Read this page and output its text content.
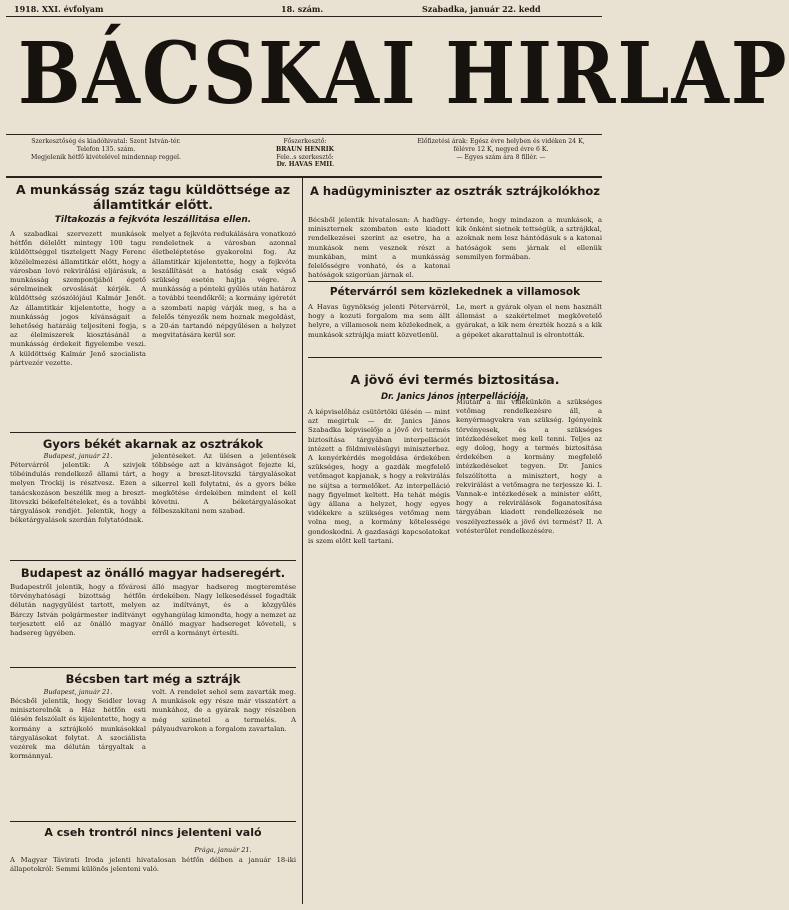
1918. XXI. évfolyam	18. szám.	Szabadka, január 22. kedd
BÁCSKAI HIRLAP
Szerkesztőség és kiadóhivatal: Szent István-tér.
Telefon 135. szám.
Megjelenik hétfő kivételével mindennap reggel.
Főszerkesztő:
BRAUN HENRIK
Fele..s szerkesztő:
Dr. HAVAS EMIL
Előfizetési árak: Egész évre helyben és vidéken 24 K,
félévre 12 K, negyed évre 6 K.
— Egyes szám ára 8 fillér. —
A munkásság száz tagu küldöttsége az államtitkár előtt.
Tiltakozás a fejkvóta leszállitása ellen.
A szabadkai szervezett munkások hétfőn délelőtt mintegy 100 tagu küldöttséggel tisztelgett Nagy Ferenc közélelmezési államtitkár előtt, hogy a városban lovó rekvirálási eljárásuk, a munkásság szempontjából égető sérelmeinek orvoslását kérjék. A küldöttség szószólójául Kalmár Jenőt. Az államtitkár kijelentette, hogy a munkásság jogos kívánságait a lehetőség határáig teljesíteni fogja, s az élelmiszerek kiosztásánál a munkásság érdekeit figyelembe veszi. A küldöttség Kalmár Jenő szocialista pártvezér vezette.
melyet a fejkvóta redukálására vonatkozó rendeletnek a városban azonnal életbeléptetése gyakorolni fog. Az államtitkár kijelentette, hogy a fejkvóta leszállítását a hatóság csak végső szükség esetén hajtja végre. A munkásság a pénteki gyűlés után határoz a további teendőkről; a kormány igéretét a szombati napig várják meg, s ha a felelős tényezők nem hoznak megoldást, a 20-án tartandó népgyűlésen a helyzet megvitatására kerül sor.
Gyors békét akarnak az osztrákok
Budapest, január 21.
Pétervárról jelentik: A szivjek töbéindulás rendelkező állami tárt, a melyen Trockij is résztvesz. Ezen a tanácskozáson beszélik meg a breszt-litovszki békefeltételeket, és a további tárgyalások rendjét. Jelentik, hogy a béketárgyalások szerdán folytatódnak.
jelentéseket. Az ülésen a jelentések többsége azt a kivánságot fejezte ki, hogy a breszt-litovszki tárgyalásokat sikerrel kell folytatni, és a gyors béke megkötése érdekében mindent el kell követni. A béketárgyalásokat félbeszakítani nem szabad.
Budapest az önálló magyar hadseregért.
Budapestről jelentik, hogy a fővárosi törvényhatósági bizottság hétfőn délután nagygyűlést tartott, melyen Bárczy István polgármester indítványt terjesztett elő az önálló magyar hadsereg ügyében.
álló magyar hadsereg megteremtése érdekében. Nagy lelkesedéssel fogadták az indítványt, és a közgyűlés egyhangúlag kimondta, hogy a nemzet az önálló magyar hadsereget követeli, s erről a kormányt értesíti.
Bécsben tart még a sztrájk
Budapest, január 21.
Bécsből jelentik, hogy Seidler lovag miniszterelnök a Ház hétfőn esti ülésén felszólalt és kijelentette, hogy a kormány a sztrájkoló munkásokkal tárgyalásokat folytat. A szociálista vezérek ma délután tárgyaltak a kormánnyal.
volt. A rendelet sehol sem zavarták meg. A munkások egy része már visszatért a munkához, de a gyárak nagy részében még szünetel a termelés. A pályaudvarokon a forgalom zavartalan.
A cseh trontról nincs jelenteni való
Prága, január 21.
A Magyar Távirati Iroda jelenti hivatalosan hétfőn délben a január 18-iki állapotokról: Semmi különös jelenteni való.
A hadügyminiszter az osztrák sztrájkolókhoz
Bécsből jelentik hivatalosan: A hadügy-miniszternek szombaton este kiadott rendelkezései szerint az esetre, ha a munkások nem vesznek részt a munkában, mint a munkásság felelősségre vonható, és a katonai hatóságok szigorúan járnak el.
értende, hogy mindazon a munkások, a kik önként sietnek tettségük, a sztrájkkal, azoknak nem lesz hántódásuk s a katonai hatóságok sem járnak el ellenük semmilyen formában.
Pétervárról sem közlekednek a villamosok
A Havas ügynökség jelenti Pétervárról, hogy a kozuti forgalom ma sem állt helyre, a villamosok nem közlekednek, a munkások sztrájkja miatt közvetlenül.
Le, mert a gyárak olyan el nem használt állomást a szakértelmet megkövetelő gyárakat, a kik nem érezték hozzá s a kik a gépeket akarattalnul is elrontották.
A jövő évi termés biztositása.
Dr. Janics János interpellációja.
A képviselőház csütörtöki ülésén — mint azt megirtuk — dr. Janics János Szabadka képviselője a jövő évi termés biztosítása tárgyában interpellációt intézett a földmivelésügyi miniszterhez. A kenyérkérdés megoldása érdekében szükséges, hogy a gazdák megfelelő vetőmagot kapjanak, s hogy a rekvirálás ne sújtsa a termelőket. Az interpelláció nagy figyelmet keltett. Ha tehát mégis úgy állana a helyzet, hogy egyes vidékekre a szükséges vetőmag nem volna meg, a kormány kötelessége gondoskodni. A gazdasági kapcsolatokat is szem előtt kell tartani.
Miután a mi vidékünkön a szükséges vetőmag rendelkezésre áll, a kenyérmagvakra van szükség. Igényeink törvényesek, és a szükséges intézkedéseket meg kell tenni. Teljes az egy dolog, hogy a termés biztosítása érdekében a kormány megfelelő intézkedéseket tegyen. Dr. Janics felszólította a minisztert, hogy a rekvirálást a vetőmagra ne terjessze ki. I. Vannak-e intézkedések a minister előtt, hogy a rekvirálások foganatosítása tárgyában kiadott rendelkezések ne veszélyeztessék a jövő évi termést? II. A vetésterület rendelkezésére.
